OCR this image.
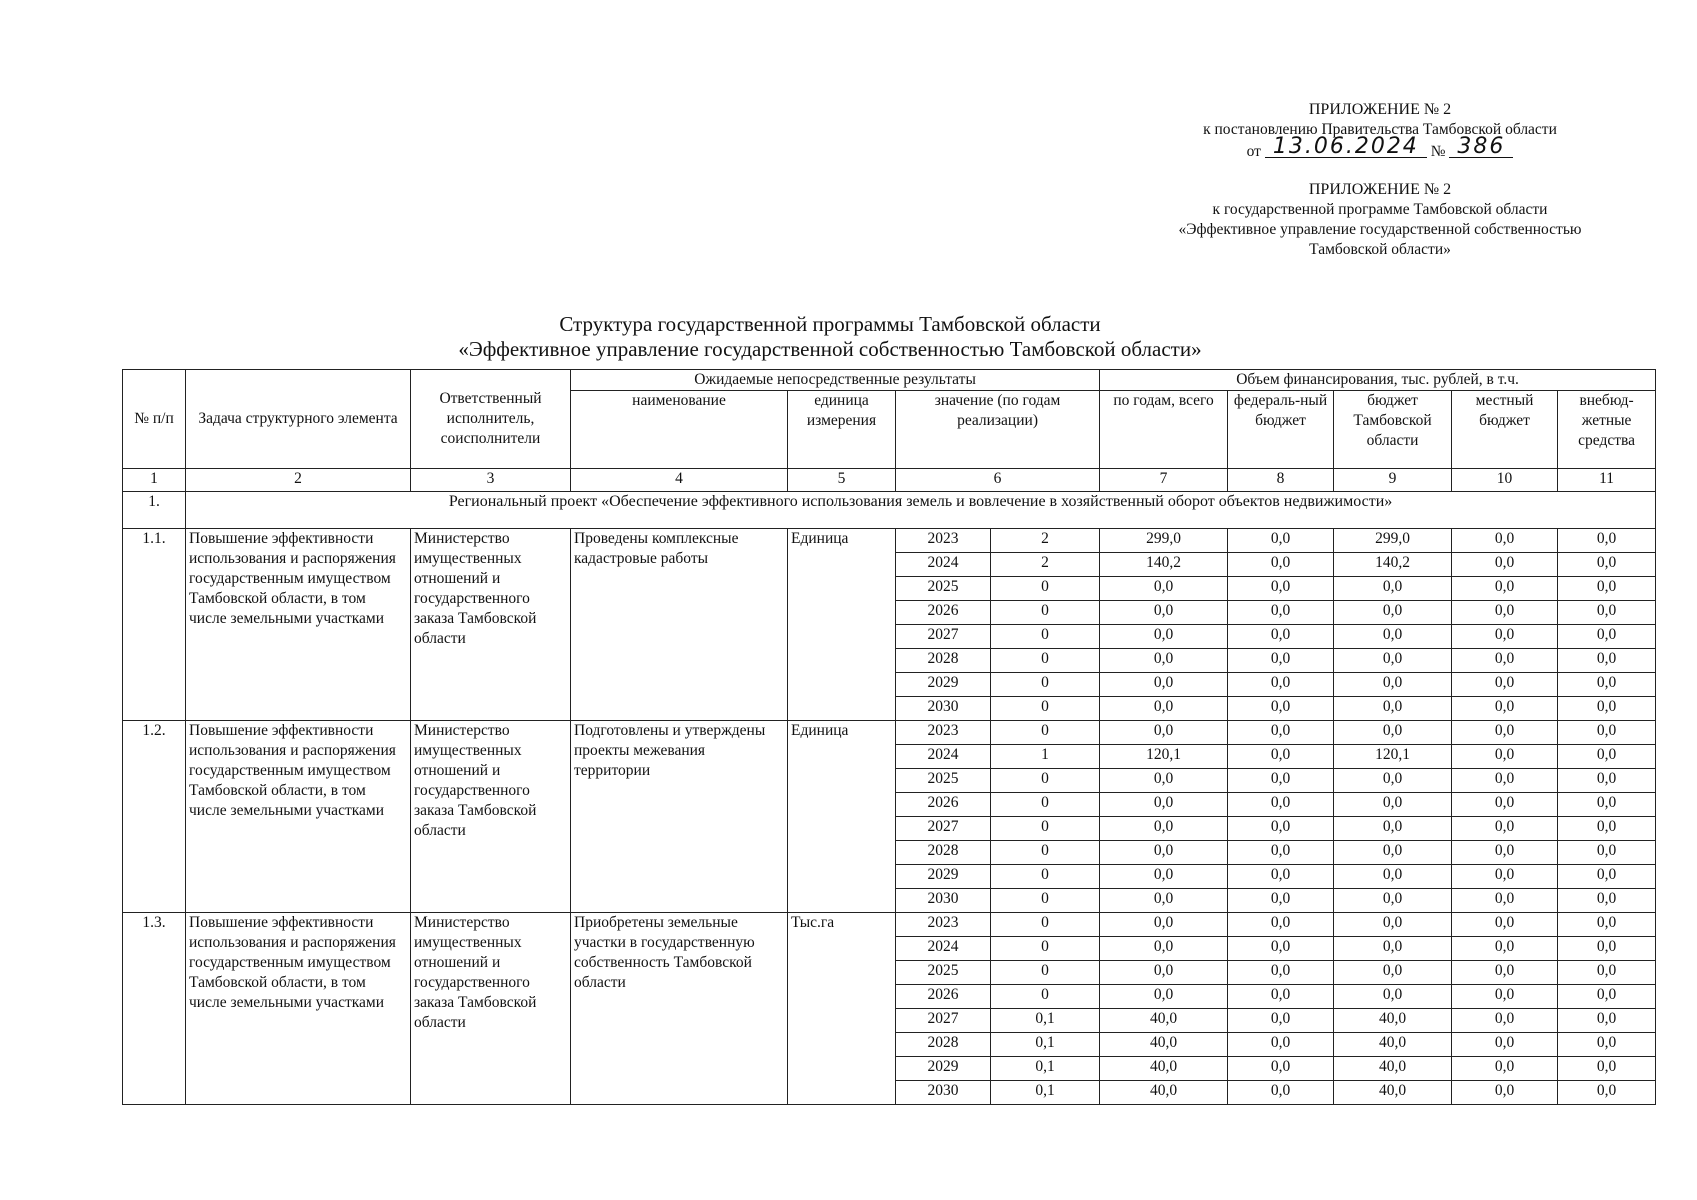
ПРИЛОЖЕНИЕ № 2
к постановлению Правительства Тамбовской области
от 13.06.2024 № 386
ПРИЛОЖЕНИЕ № 2
к государственной программе Тамбовской области
«Эффективное управление государственной собственностью
Тамбовской области»
Структура государственной программы Тамбовской области
«Эффективное управление государственной собственностью Тамбовской области»
№ п/п	Задача структурного элемента	Ответственный исполнитель, соисполнители	Ожидаемые непосредственные результаты				Объем финансирования, тыс. рублей, в т.ч.				
			наименование	единица измерения	значение (по годам реализации)		по годам, всего	федераль-ный бюджет	бюджет Тамбовской области	местный бюджет	внебюд-жетные средства
1	2	3	4	5	6		7	8	9	10	11
1.	Региональный проект «Обеспечение эффективного использования земель и вовлечение в хозяйственный оборот объектов недвижимости»										
1.1.	Повышение эффективности использования и распоряжения государственным имуществом Тамбовской области, в том числе земельными участками	Министерство имущественных отношений и государственного заказа Тамбовской области	Проведены комплексные кадастровые работы	Единица	2023	2	299,0	0,0	299,0	0,0	0,0
					2024	2	140,2	0,0	140,2	0,0	0,0
					2025	0	0,0	0,0	0,0	0,0	0,0
					2026	0	0,0	0,0	0,0	0,0	0,0
					2027	0	0,0	0,0	0,0	0,0	0,0
					2028	0	0,0	0,0	0,0	0,0	0,0
					2029	0	0,0	0,0	0,0	0,0	0,0
					2030	0	0,0	0,0	0,0	0,0	0,0
1.2.	Повышение эффективности использования и распоряжения государственным имуществом Тамбовской области, в том числе земельными участками	Министерство имущественных отношений и государственного заказа Тамбовской области	Подготовлены и утверждены проекты межевания территории	Единица	2023	0	0,0	0,0	0,0	0,0	0,0
					2024	1	120,1	0,0	120,1	0,0	0,0
					2025	0	0,0	0,0	0,0	0,0	0,0
					2026	0	0,0	0,0	0,0	0,0	0,0
					2027	0	0,0	0,0	0,0	0,0	0,0
					2028	0	0,0	0,0	0,0	0,0	0,0
					2029	0	0,0	0,0	0,0	0,0	0,0
					2030	0	0,0	0,0	0,0	0,0	0,0
1.3.	Повышение эффективности использования и распоряжения государственным имуществом Тамбовской области, в том числе земельными участками	Министерство имущественных отношений и государственного заказа Тамбовской области	Приобретены земельные участки в государственную собственность Тамбовской области	Тыс.га	2023	0	0,0	0,0	0,0	0,0	0,0
					2024	0	0,0	0,0	0,0	0,0	0,0
					2025	0	0,0	0,0	0,0	0,0	0,0
					2026	0	0,0	0,0	0,0	0,0	0,0
					2027	0,1	40,0	0,0	40,0	0,0	0,0
					2028	0,1	40,0	0,0	40,0	0,0	0,0
					2029	0,1	40,0	0,0	40,0	0,0	0,0
					2030	0,1	40,0	0,0	40,0	0,0	0,0
